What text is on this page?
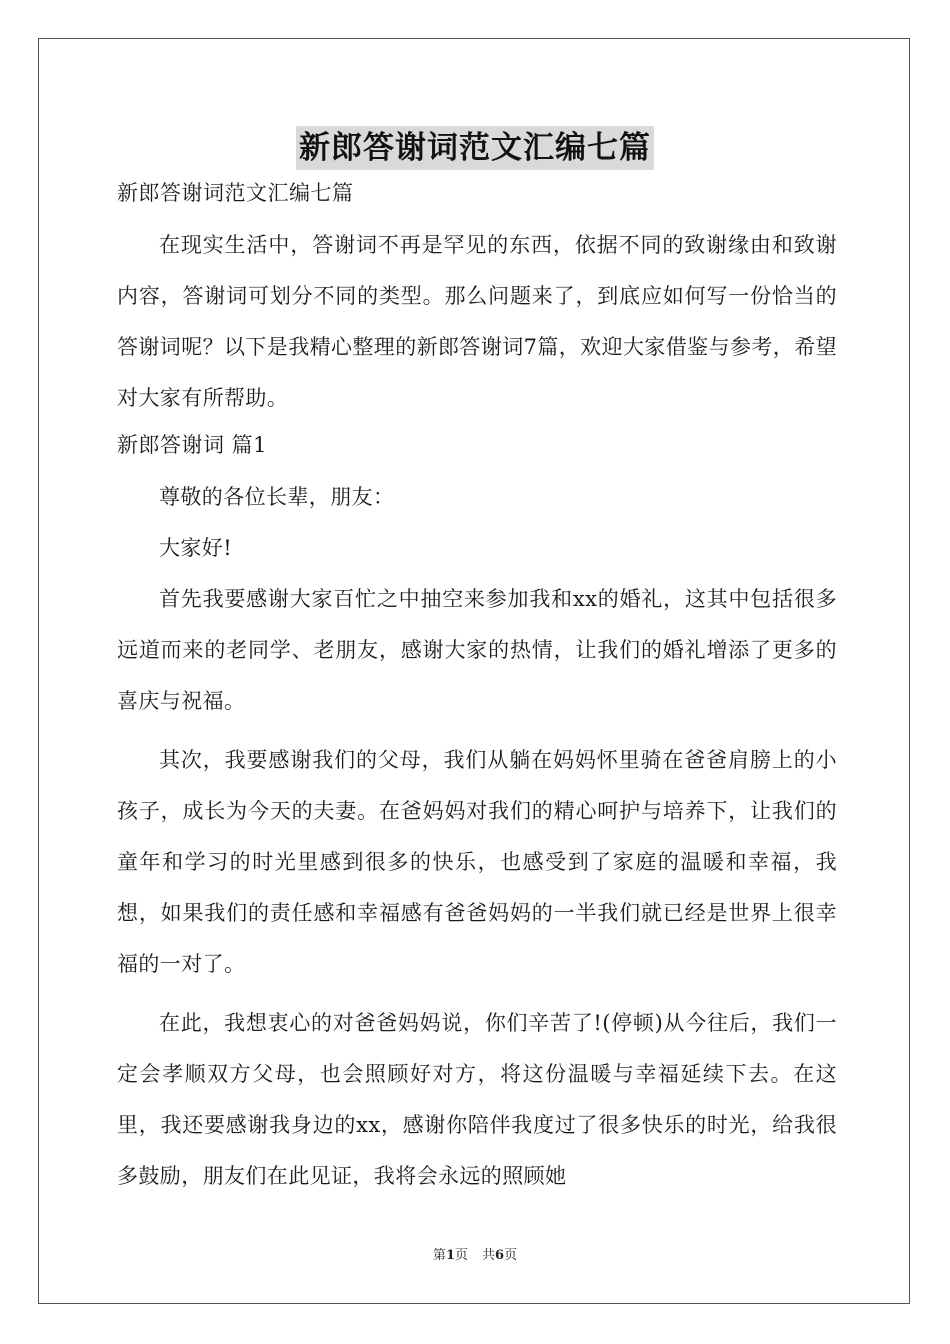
新郎答谢词范文汇编七篇

新郎答谢词范文汇编七篇

在现实生活中，答谢词不再是罕见的东西，依据不同的致谢缘由和致谢内容，答谢词可划分不同的类型。那么问题来了，到底应如何写一份恰当的答谢词呢？以下是我精心整理的新郎答谢词7篇，欢迎大家借鉴与参考，希望对大家有所帮助。

新郎答谢词 篇1

尊敬的各位长辈，朋友：

大家好!

首先我要感谢大家百忙之中抽空来参加我和xx的婚礼，这其中包括很多远道而来的老同学、老朋友，感谢大家的热情，让我们的婚礼增添了更多的喜庆与祝福。

其次，我要感谢我们的父母，我们从躺在妈妈怀里骑在爸爸肩膀上的小孩子，成长为今天的夫妻。在爸妈妈对我们的精心呵护与培养下，让我们的童年和学习的时光里感到很多的快乐，也感受到了家庭的温暖和幸福，我想，如果我们的责任感和幸福感有爸爸妈妈的一半我们就已经是世界上很幸福的一对了。

在此，我想衷心的对爸爸妈妈说，你们辛苦了!(停顿)从今往后，我们一定会孝顺双方父母，也会照顾好对方，将这份温暖与幸福延续下去。在这里，我还要感谢我身边的xx，感谢你陪伴我度过了很多快乐的时光，给我很多鼓励，朋友们在此见证，我将会永远的照顾她

第1页 共6页
